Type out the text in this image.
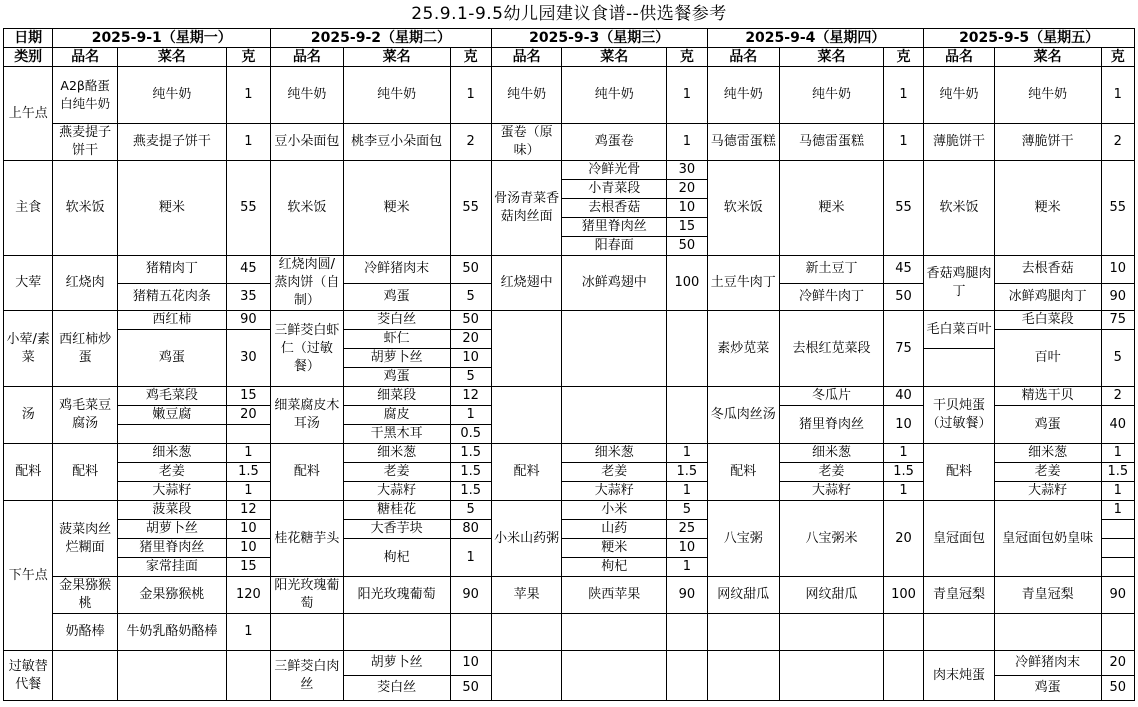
25.9.1-9.5幼儿园建议食谱--供选餐参考
日期	2025-9-1（星期一）			2025-9-2（星期二）			2025-9-3（星期三）			2025-9-4（星期四）			2025-9-5（星期五）		
类别	品名	菜名	克	品名	菜名	克	品名	菜名	克	品名	菜名	克	品名	菜名	克
上午点	A2β酪蛋白纯牛奶	纯牛奶	1	纯牛奶	纯牛奶	1	纯牛奶	纯牛奶	1	纯牛奶	纯牛奶	1	纯牛奶	纯牛奶	1
	燕麦提子饼干	燕麦提子饼干	1	豆小朵面包	桃李豆小朵面包	2	蛋卷（原味）	鸡蛋卷	1	马德雷蛋糕	马德雷蛋糕	1	薄脆饼干	薄脆饼干	2
主食	软米饭	粳米	55	软米饭	粳米	55	骨汤青菜香菇肉丝面	冷鲜光骨	30	软米饭	粳米	55	软米饭	粳米	55
								小青菜段	20						
								去根香菇	10						
								猪里脊肉丝	15						
								阳春面	50						
大荤	红烧肉	猪精肉丁	45	红烧肉圆/蒸肉饼（自制）	冷鲜猪肉末	50	红烧翅中	冰鲜鸡翅中	100	土豆牛肉丁	新土豆丁	45	香菇鸡腿肉丁	去根香菇	10
		猪精五花肉条	35		鸡蛋	5					冷鲜牛肉丁	50		冰鲜鸡腿肉丁	90
小荤/素菜	西红柿炒蛋	西红柿	90	三鲜茭白虾仁（过敏餐）	茭白丝	50				素炒苋菜	去根红苋菜段	75	毛白菜百叶	毛白菜段	75
		鸡蛋	30		虾仁	20								百叶	5
					胡萝卜丝	10									
					鸡蛋	5									
汤	鸡毛菜豆腐汤	鸡毛菜段	15	细菜腐皮木耳汤	细菜段	12				冬瓜肉丝汤	冬瓜片	40	干贝炖蛋（过敏餐）	精选干贝	2
		嫩豆腐	20		腐皮	1					猪里脊肉丝	10		鸡蛋	40
					干黑木耳	0.5									
配料	配料	细米葱	1	配料	细米葱	1.5	配料	细米葱	1	配料	细米葱	1	配料	细米葱	1
		老姜	1.5		老姜	1.5		老姜	1.5		老姜	1.5		老姜	1.5
		大蒜籽	1		大蒜籽	1.5		大蒜籽	1		大蒜籽	1		大蒜籽	1
下午点	菠菜肉丝烂糊面	菠菜段	12	桂花糖芋头	糖桂花	5	小米山药粥	小米	5	八宝粥	八宝粥米	20	皇冠面包	皇冠面包奶皇味	1
		胡萝卜丝	10		大香芋块	80		山药	25						
		猪里脊肉丝	10		枸杞	1		粳米	10						
		家常挂面	15					枸杞	1						
	金果猕猴桃	金果猕猴桃	120	阳光玫瑰葡萄	阳光玫瑰葡萄	90	苹果	陕西苹果	90	网纹甜瓜	网纹甜瓜	100	青皇冠梨	青皇冠梨	90
	奶酪棒	牛奶乳酪奶酪棒	1												
过敏替代餐				三鲜茭白肉丝	胡萝卜丝	10							肉末炖蛋	冷鲜猪肉末	20
					茭白丝	50								鸡蛋	50
